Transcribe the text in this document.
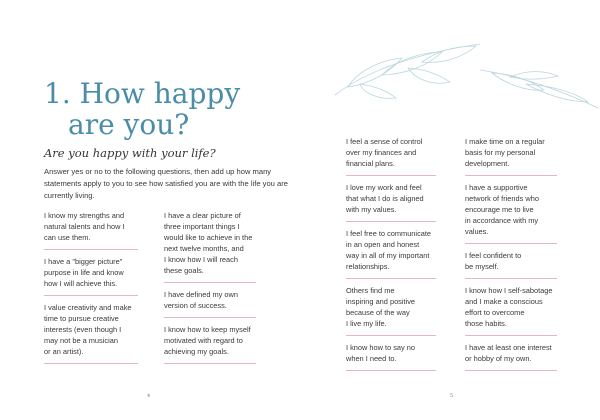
1. How happy
are you?

Are you happy with your life?

Answer yes or no to the following questions, then add up how many statements apply to you to see how satisfied you are with the life you are currently living.

I know my strengths and
natural talents and how I
can use them.

I have a "bigger picture"
purpose in life and know
how I will achieve this.

I value creativity and make
time to pursue creative
interests (even though I
may not be a musician
or an artist).

I have a clear picture of
three important things I
would like to achieve in the
next twelve months, and
I know how I will reach
these goals.

I have defined my own
version of success.

I know how to keep myself
motivated with regard to
achieving my goals.

I feel a sense of control
over my finances and
financial plans.

I love my work and feel
that what I do is aligned
with my values.

I feel free to communicate
in an open and honest
way in all of my important
relationships.

Others find me
inspiring and positive
because of the way
I live my life.

I know how to say no
when I need to.

I make time on a regular
basis for my personal
development.

I have a supportive
network of friends who
encourage me to live
in accordance with my
values.

I feel confident to
be myself.

I know how I self-sabotage
and I make a conscious
effort to overcome
those habits.

I have at least one interest
or hobby of my own.

4	5
